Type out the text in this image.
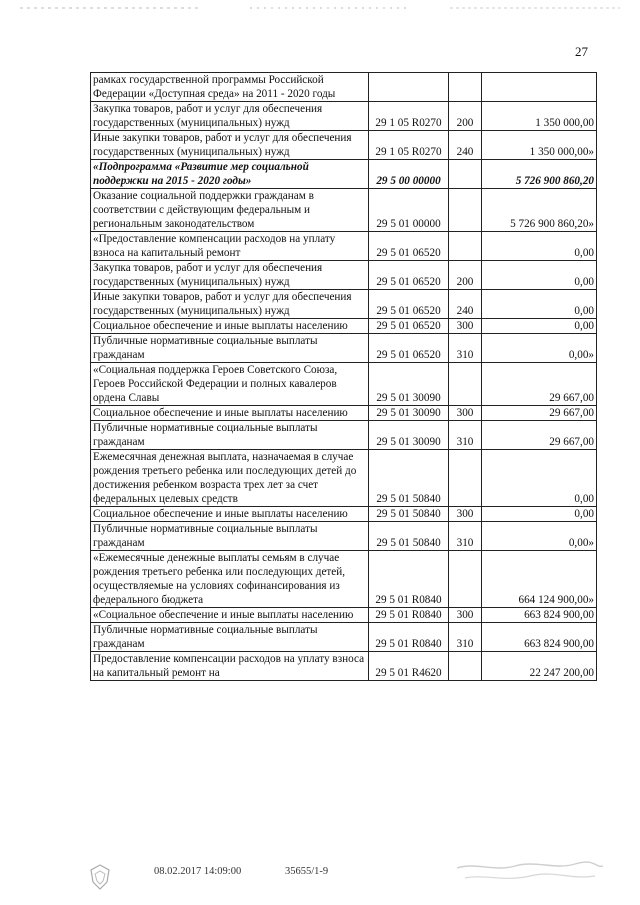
27
рамках государственной программы Российской Федерации «Доступная среда» на 2011 - 2020 годы			
Закупка товаров, работ и услуг для обеспечения государственных (муниципальных) нужд	29 1 05 R0270	200	1 350 000,00
Иные закупки товаров, работ и услуг для обеспечения государственных (муниципальных) нужд	29 1 05 R0270	240	1 350 000,00»
«Подпрограмма «Развитие мер социальной поддержки на 2015 - 2020 годы»	29 5 00 00000		5 726 900 860,20
Оказание социальной поддержки гражданам в соответствии с действующим федеральным и региональным законодательством	29 5 01 00000		5 726 900 860,20»
«Предоставление компенсации расходов на уплату взноса на капитальный ремонт	29 5 01 06520		0,00
Закупка товаров, работ и услуг для обеспечения государственных (муниципальных) нужд	29 5 01 06520	200	0,00
Иные закупки товаров, работ и услуг для обеспечения государственных (муниципальных) нужд	29 5 01 06520	240	0,00
Социальное обеспечение и иные выплаты населению	29 5 01 06520	300	0,00
Публичные нормативные социальные выплаты гражданам	29 5 01 06520	310	0,00»
«Социальная поддержка Героев Советского Союза, Героев Российской Федерации и полных кавалеров ордена Славы	29 5 01 30090		29 667,00
Социальное обеспечение и иные выплаты населению	29 5 01 30090	300	29 667,00
Публичные нормативные социальные выплаты гражданам	29 5 01 30090	310	29 667,00
Ежемесячная денежная выплата, назначаемая в случае рождения третьего ребенка или последующих детей до достижения ребенком возраста трех лет за счет федеральных целевых средств	29 5 01 50840		0,00
Социальное обеспечение и иные выплаты населению	29 5 01 50840	300	0,00
Публичные нормативные социальные выплаты гражданам	29 5 01 50840	310	0,00»
«Ежемесячные денежные выплаты семьям в случае рождения третьего ребенка или последующих детей, осуществляемые на условиях софинансирования из федерального бюджета	29 5 01 R0840		664 124 900,00»
«Социальное обеспечение и иные выплаты населению	29 5 01 R0840	300	663 824 900,00
Публичные нормативные социальные выплаты гражданам	29 5 01 R0840	310	663 824 900,00
Предоставление компенсации расходов на уплату взноса на капитальный ремонт на	29 5 01 R4620		22 247 200,00
08.02.2017 14:09:00	35655/1-9
